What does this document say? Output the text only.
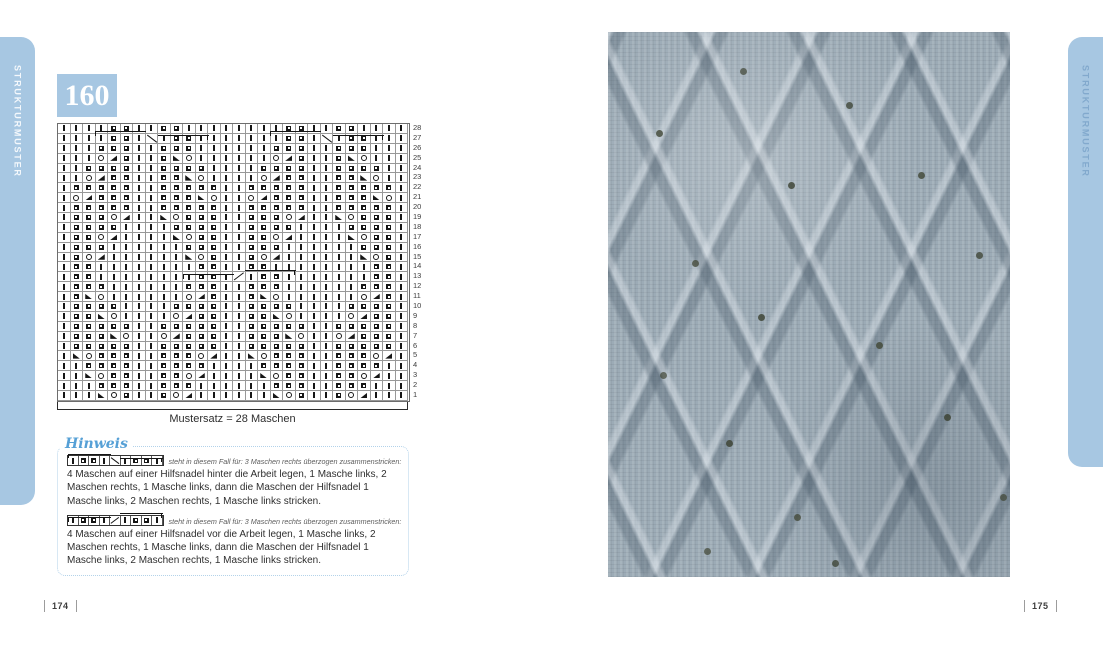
STRUKTURMUSTER 160
28
27
26
25
24
23
22
21
20
19
18
17
16
15
14
13
12
11
10
9
8
7
6
5
4
3
2
1
Mustersatz = 28 Maschen
Hinweis
steht in diesem Fall für: 3 Maschen rechts überzogen zusammenstricken:
4 Maschen auf einer Hilfsnadel hinter die Arbeit legen, 1 Masche links, 2 Maschen rechts, 1 Masche links, dann die Maschen der Hilfsnadel 1 Masche links, 2 Maschen rechts, 1 Masche links stricken.
steht in diesem Fall für: 3 Maschen rechts überzogen zusammenstricken:
4 Maschen auf einer Hilfsnadel vor die Arbeit legen, 1 Masche links, 2 Maschen rechts, 1 Masche links, dann die Maschen der Hilfsnadel 1 Masche links, 2 Maschen rechts, 1 Masche links stricken.
STRUKTURMUSTER
174	175
